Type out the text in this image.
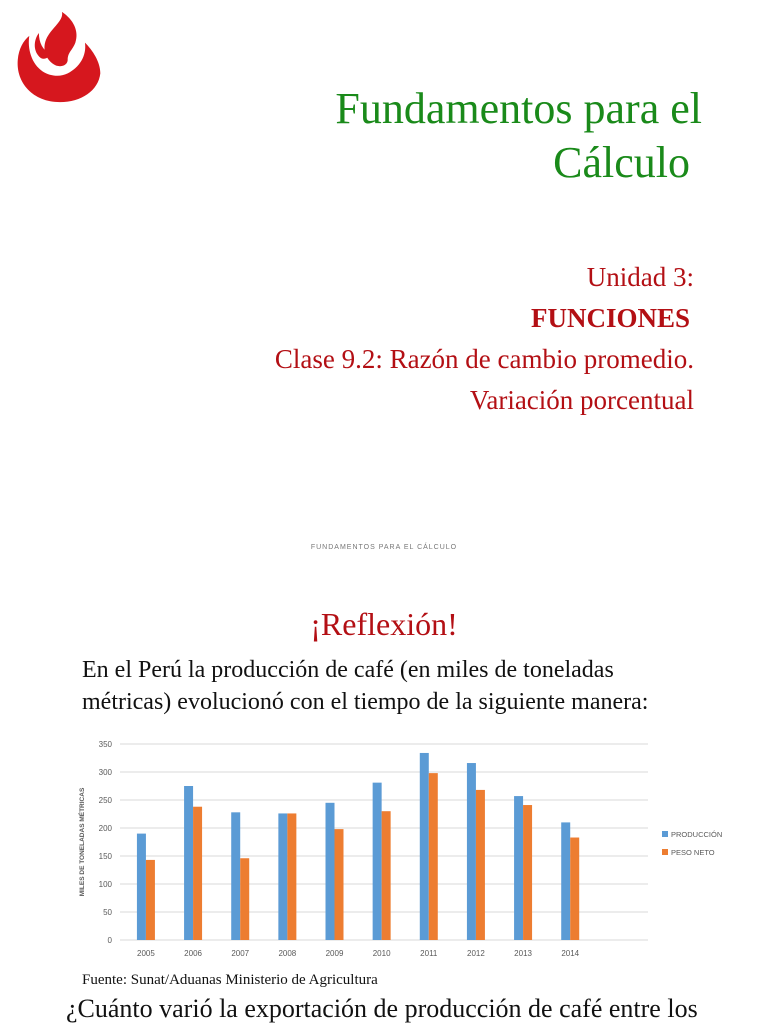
Fundamentos para el
Cálculo
Unidad 3:
FUNCIONES
Clase 9.2: Razón de cambio promedio.
Variación porcentual
FUNDAMENTOS PARA EL CÁLCULO
¡Reflexión!
En el Perú la producción de café (en miles de toneladas
métricas) evolucionó con el tiempo de la siguiente manera:
0
50
100
150
200
250
300
350
MILES DE TONELADAS MÉTRICAS
2005	2006	2007	2008	2009	2010	2011	2012	2013	2014
PRODUCCIÓN
PESO NETO
Fuente: Sunat/Aduanas Ministerio de Agricultura
¿Cuánto varió la exportación de producción de café entre los
